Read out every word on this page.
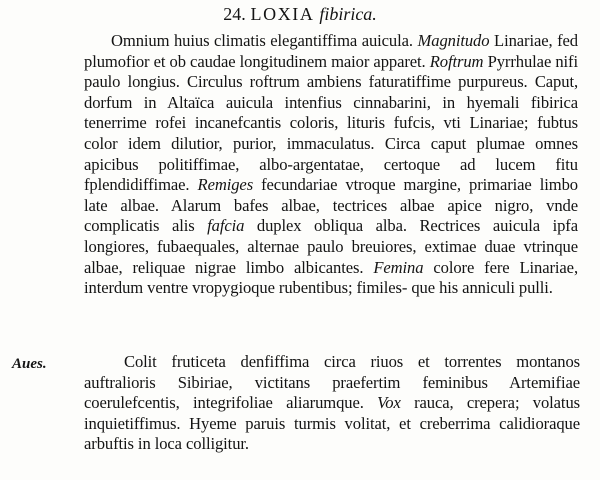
24. LOXIA fibirica.

Omnium huius climatis elegantiffima auicula. Magnitudo Linariae, fed plumofior et ob caudae longitudinem maior apparet. Roftrum Pyrrhulae nifi paulo longius. Circulus roftrum ambiens faturatiffime purpureus. Caput, dorfum in Altaïca auicula intenfius cinnabarini, in hyemali fibirica tenerrime rofei incanefcantis coloris, lituris fufcis, vti Linariae; fubtus color idem dilutior, purior, immaculatus. Circa caput plumae omnes apicibus politiffimae, albo-argentatae, certoque ad lucem fitu fplendidiffimae. Remiges fecundariae vtroque margine, primariae limbo late albae. Alarum bafes albae, tectrices albae apice nigro, vnde complicatis alis fafcia duplex obliqua alba. Rectrices auicula ipfa longiores, fubaequales, alternae paulo breuiores, extimae duae vtrinque albae, reliquae nigrae limbo albicantes. Femina colore fere Linariae, interdum ventre vropygioque rubentibus; fimiles- que his anniculi pulli.

Aues.	Colit fruticeta denfiffima circa riuos et torrentes montanos auftralioris Sibiriae, victitans praefertim feminibus Artemifiae coerulefcentis, integrifoliae aliarumque. Vox rauca, crepera; volatus inquietiffimus. Hyeme paruis turmis volitat, et creberrima calidioraque arbuftis in loca colligitur.
